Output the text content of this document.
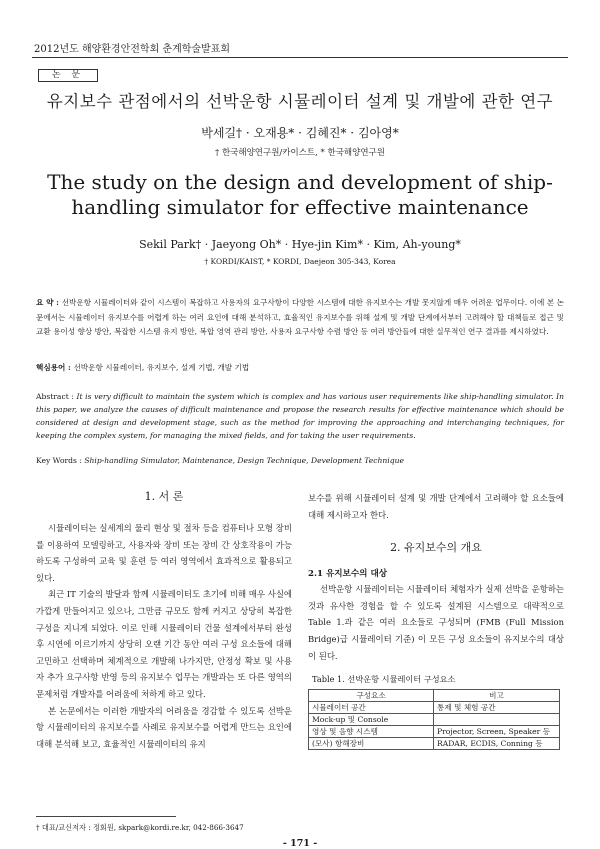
2012년도 해양환경안전학회 춘계학술발표회
논 문
유지보수 관점에서의 선박운항 시뮬레이터 설계 및 개발에 관한 연구
박세길† · 오재용* · 김혜진* · 김아영*
† 한국해양연구원/카이스트, * 한국해양연구원
The study on the design and development of ship-handling simulator for effective maintenance
Sekil Park† · Jaeyong Oh* · Hye-jin Kim* · Kim, Ah-young*
† KORDI/KAIST, * KORDI, Daejeon 305-343, Korea
요 약 : 선박운항 시뮬레이터와 같이 시스템이 복잡하고 사용자의 요구사항이 다양한 시스템에 대한 유지보수는 개발 못지않게 매우 어려운 업무이다. 이에 본 논문에서는 시뮬레이터 유지보수를 어렵게 하는 여러 요인에 대해 분석하고, 효율적인 유지보수를 위해 설계 및 개발 단계에서부터 고려해야 할 대책들로 접근 및 교환 용이성 향상 방안, 복잡한 시스템 유지 방안, 복합 영역 관리 방안, 사용자 요구사항 수렴 방안 등 여러 방안들에 대한 실무적인 연구 결과를 제시하였다.
핵심용어 : 선박운항 시뮬레이터, 유지보수, 설계 기법, 개발 기법
Abstract : It is very difficult to maintain the system which is complex and has various user requirements like ship-handling simulator. In this paper, we analyze the causes of difficult maintenance and propose the research results for effective maintenance which should be considered at design and development stage, such as the method for improving the approaching and interchanging techniques, for keeping the complex system, for managing the mixed fields, and for taking the user requirements.
Key Words : Ship-handling Simulator, Maintenance, Design Technique, Development Technique
1. 서 론

시뮬레이터는 실세계의 물리 현상 및 절차 등을 컴퓨터나 모형 장비를 이용하여 모델링하고, 사용자와 장비 또는 장비 간 상호작용이 가능하도록 구성하여 교육 및 훈련 등 여러 영역에서 효과적으로 활용되고 있다.

최근 IT 기술의 발달과 함께 시뮬레이터도 초기에 비해 매우 사실에 가깝게 만들어지고 있으나, 그만큼 규모도 함께 커지고 상당히 복잡한 구성을 지니게 되었다. 이로 인해 시뮬레이터 건물 설계에서부터 완성 후 시연에 이르기까지 상당히 오랜 기간 동안 여러 구성 요소들에 대해 고민하고 선택하며 체계적으로 개발해 나가지만, 안정성 확보 및 사용자 추가 요구사항 반영 등의 유지보수 업무는 개발과는 또 다른 영역의 문제처럼 개발자를 어려움에 처하게 하고 있다.

본 논문에서는 이러한 개발자의 어려움을 경감할 수 있도록 선박운항 시뮬레이터의 유지보수를 사례로 유지보수를 어렵게 만드는 요인에 대해 분석해 보고, 효율적인 시뮬레이터의 유지

보수를 위해 시뮬레이터 설계 및 개발 단계에서 고려해야 할 요소들에 대해 제시하고자 한다.
2. 유지보수의 개요
2.1 유지보수의 대상

선박운항 시뮬레이터는 시뮬레이터 체험자가 실제 선박을 운항하는 것과 유사한 경험을 할 수 있도록 설계된 시스템으로 대략적으로 Table 1.과 같은 여러 요소들로 구성되며 (FMB (Full Mission Bridge)급 시뮬레이터 기준) 이 모든 구성 요소들이 유지보수의 대상이 된다.

Table 1. 선박운항 시뮬레이터 구성요소
구성요소	비고
시뮬레이터 공간	통제 및 체험 공간
Mock-up 및 Console	
영상 및 음향 시스템	Projector, Screen, Speaker 등
(모사) 항해장비	RADAR, ECDIS, Conning 등
† 대표/교신저자 : 정회원, skpark@kordi.re.kr, 042-866-3647
- 171 -
